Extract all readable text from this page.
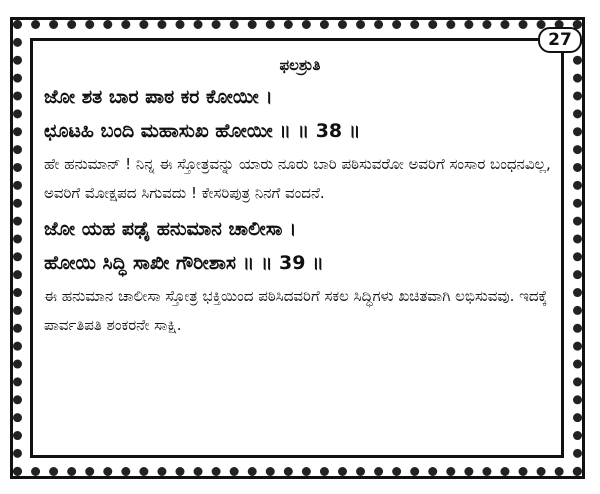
27
ಫಲಶ್ರುತಿ
ಜೋ ಶತ ಬಾರ ಪಾಠ ಕರ ಕೋಯೀ ।
ಛೂಟಹಿ ಬಂದಿ ಮಹಾಸುಖ ಹೋಯೀ ॥ ॥ 38 ॥
ಹೇ ಹನುಮಾನ್ ! ನಿನ್ನ ಈ ಸ್ತೋತ್ರವನ್ನು ಯಾರು ನೂರು ಬಾರಿ ಪಠಿಸುವರೋ ಅವರಿಗೆ ಸಂಸಾರ ಬಂಧನವಿಲ್ಲ, ಅವರಿಗೆ ಮೋಕ್ಷಪದ ಸಿಗುವದು ! ಕೇಸರಿಪುತ್ರ ನಿನಗೆ ವಂದನೆ.
ಜೋ ಯಹ ಪಢೈ ಹನುಮಾನ ಚಾಲೀಸಾ ।
ಹೋಯಿ ಸಿದ್ಧಿ ಸಾಖೀ ಗೌರೀಶಾಸ ॥ ॥ 39 ॥
ಈ ಹನುಮಾನ ಚಾಲೀಸಾ ಸ್ತೋತ್ರ ಭಕ್ತಿಯಿಂದ ಪಠಿಸಿದವರಿಗೆ ಸಕಲ ಸಿದ್ಧಿಗಳು ಖಚಿತವಾಗಿ ಲಭಿಸುವವು. ಇದಕ್ಕೆ ಪಾರ್ವತಿಪತಿ ಶಂಕರನೇ ಸಾಕ್ಷಿ.
